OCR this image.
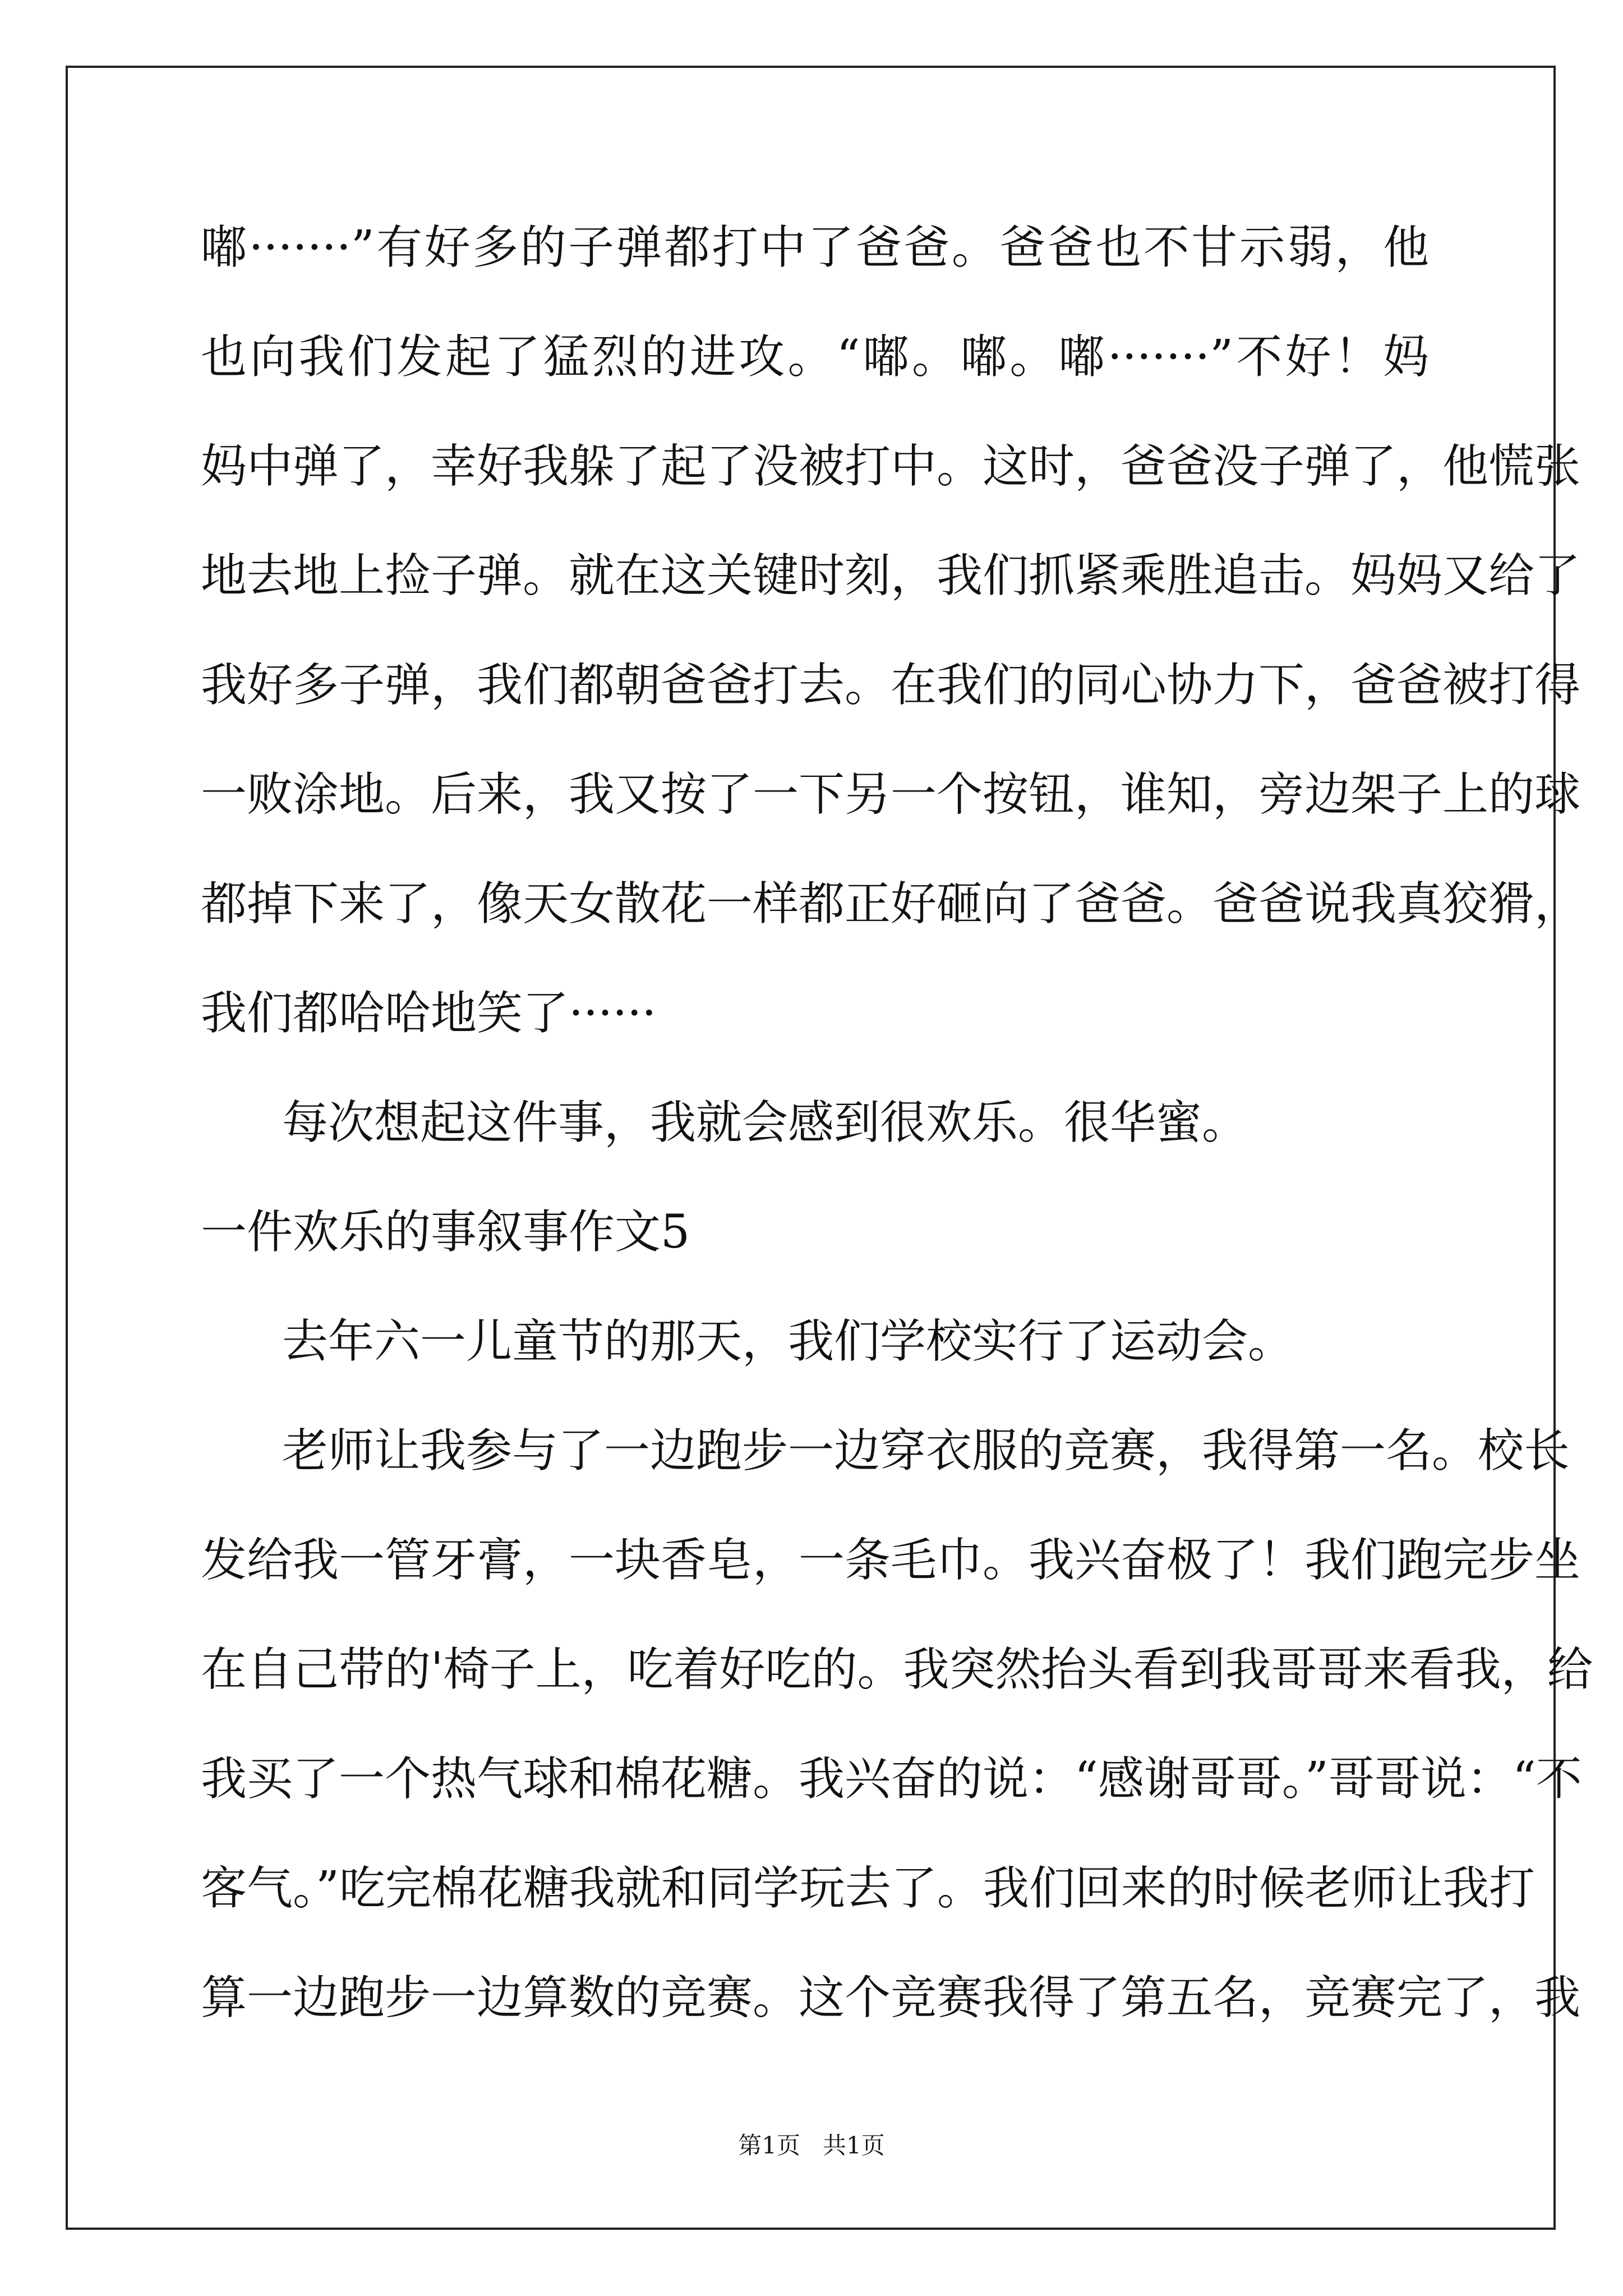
嘟·······”有好多的子弹都打中了爸爸。爸爸也不甘示弱，他
也向我们发起了猛烈的进攻。“嘟。嘟。嘟·······”不好！妈
妈中弹了，幸好我躲了起了没被打中。这时，爸爸没子弹了，他慌张
地去地上捡子弹。就在这关键时刻，我们抓紧乘胜追击。妈妈又给了
我好多子弹，我们都朝爸爸打去。在我们的同心协力下，爸爸被打得
一败涂地。后来，我又按了一下另一个按钮，谁知，旁边架子上的球
都掉下来了，像天女散花一样都正好砸向了爸爸。爸爸说我真狡猾，
我们都哈哈地笑了······
每次想起这件事，我就会感到很欢乐。很华蜜。
一件欢乐的事叙事作文5
去年六一儿童节的那天，我们学校实行了运动会。
老师让我参与了一边跑步一边穿衣服的竞赛，我得第一名。校长
发给我一管牙膏，一块香皂，一条毛巾。我兴奋极了！我们跑完步坐
在自己带的'椅子上，吃着好吃的。我突然抬头看到我哥哥来看我，给
我买了一个热气球和棉花糖。我兴奋的说：“感谢哥哥。”哥哥说：“不
客气。”吃完棉花糖我就和同学玩去了。我们回来的时候老师让我打
算一边跑步一边算数的竞赛。这个竞赛我得了第五名，竞赛完了，我
第1页   共1页
